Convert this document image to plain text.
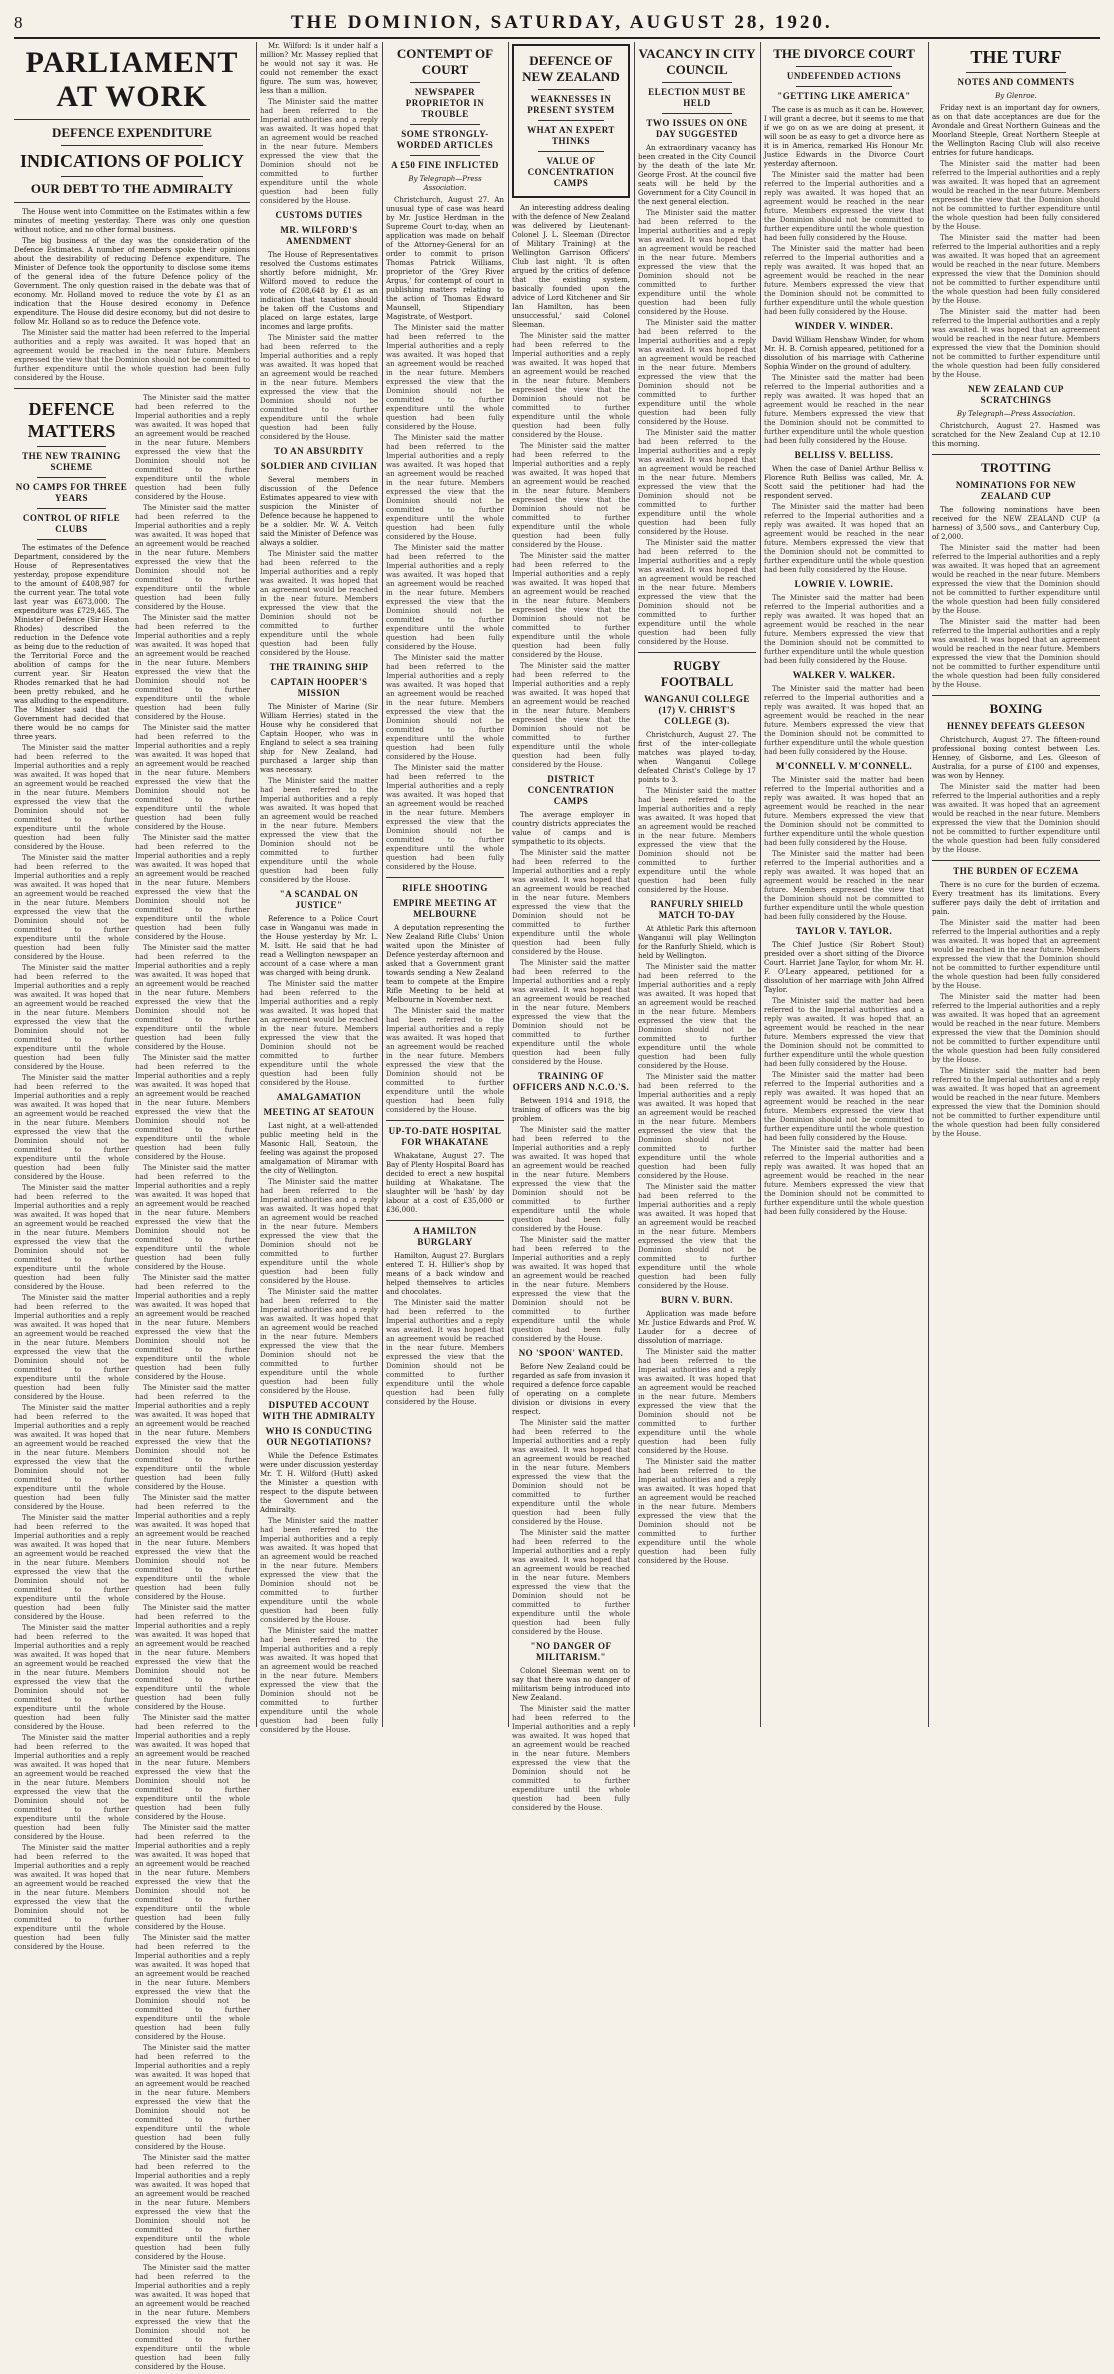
8	THE DOMINION, SATURDAY, AUGUST 28, 1920.
PARLIAMENT AT WORK
DEFENCE EXPENDITURE
INDICATIONS OF POLICY
OUR DEBT TO THE ADMIRALTY

The House went into Committee on the Estimates within a few minutes of meeting yesterday. There was only one question without notice, and no other formal business.

The big business of the day was the consideration of the Defence Estimates. A number of members spoke their opinions about the desirability of reducing Defence expenditure. The Minister of Defence took the opportunity to disclose some items of the general idea of the future Defence policy of the Government. The only question raised in the debate was that of economy. Mr. Holland moved to reduce the vote by £1 as an indication that the House desired economy in Defence expenditure. The House did desire economy, but did not desire to follow Mr. Holland so as to reduce the Defence vote.

The Minister said the matter had been referred to the Imperial authorities and a reply was awaited. It was hoped that an agreement would be reached in the near future. Members expressed the view that the Dominion should not be committed to further expenditure until the whole question had been fully considered by the House.

DEFENCE MATTERS
THE NEW TRAINING SCHEME
NO CAMPS FOR THREE YEARS
CONTROL OF RIFLE CLUBS

The estimates of the Defence Department, considered by the House of Representatives yesterday, propose expenditure to the amount of £408,987 for the current year. The total vote last year was £673,000. The expenditure was £729,465. The Minister of Defence (Sir Heaton Rhodes) described the reduction in the Defence vote as being due to the reduction of the Territorial Force and the abolition of camps for the current year. Sir Heaton Rhodes remarked that he had been pretty rebuked, and he was alluding to the expenditure. The Minister said that the Government had decided that there would be no camps for three years.

The Minister said the matter had been referred to the Imperial authorities and a reply was awaited. It was hoped that an agreement would be reached in the near future. Members expressed the view that the Dominion should not be committed to further expenditure until the whole question had been fully considered by the House.

The Minister said the matter had been referred to the Imperial authorities and a reply was awaited. It was hoped that an agreement would be reached in the near future. Members expressed the view that the Dominion should not be committed to further expenditure until the whole question had been fully considered by the House.

The Minister said the matter had been referred to the Imperial authorities and a reply was awaited. It was hoped that an agreement would be reached in the near future. Members expressed the view that the Dominion should not be committed to further expenditure until the whole question had been fully considered by the House.

The Minister said the matter had been referred to the Imperial authorities and a reply was awaited. It was hoped that an agreement would be reached in the near future. Members expressed the view that the Dominion should not be committed to further expenditure until the whole question had been fully considered by the House.

The Minister said the matter had been referred to the Imperial authorities and a reply was awaited. It was hoped that an agreement would be reached in the near future. Members expressed the view that the Dominion should not be committed to further expenditure until the whole question had been fully considered by the House.

The Minister said the matter had been referred to the Imperial authorities and a reply was awaited. It was hoped that an agreement would be reached in the near future. Members expressed the view that the Dominion should not be committed to further expenditure until the whole question had been fully considered by the House.

The Minister said the matter had been referred to the Imperial authorities and a reply was awaited. It was hoped that an agreement would be reached in the near future. Members expressed the view that the Dominion should not be committed to further expenditure until the whole question had been fully considered by the House.

The Minister said the matter had been referred to the Imperial authorities and a reply was awaited. It was hoped that an agreement would be reached in the near future. Members expressed the view that the Dominion should not be committed to further expenditure until the whole question had been fully considered by the House.

The Minister said the matter had been referred to the Imperial authorities and a reply was awaited. It was hoped that an agreement would be reached in the near future. Members expressed the view that the Dominion should not be committed to further expenditure until the whole question had been fully considered by the House.

The Minister said the matter had been referred to the Imperial authorities and a reply was awaited. It was hoped that an agreement would be reached in the near future. Members expressed the view that the Dominion should not be committed to further expenditure until the whole question had been fully considered by the House.

The Minister said the matter had been referred to the Imperial authorities and a reply was awaited. It was hoped that an agreement would be reached in the near future. Members expressed the view that the Dominion should not be committed to further expenditure until the whole question had been fully considered by the House.

The Minister said the matter had been referred to the Imperial authorities and a reply was awaited. It was hoped that an agreement would be reached in the near future. Members expressed the view that the Dominion should not be committed to further expenditure until the whole question had been fully considered by the House.

The Minister said the matter had been referred to the Imperial authorities and a reply was awaited. It was hoped that an agreement would be reached in the near future. Members expressed the view that the Dominion should not be committed to further expenditure until the whole question had been fully considered by the House.

The Minister said the matter had been referred to the Imperial authorities and a reply was awaited. It was hoped that an agreement would be reached in the near future. Members expressed the view that the Dominion should not be committed to further expenditure until the whole question had been fully considered by the House.

The Minister said the matter had been referred to the Imperial authorities and a reply was awaited. It was hoped that an agreement would be reached in the near future. Members expressed the view that the Dominion should not be committed to further expenditure until the whole question had been fully considered by the House.

The Minister said the matter had been referred to the Imperial authorities and a reply was awaited. It was hoped that an agreement would be reached in the near future. Members expressed the view that the Dominion should not be committed to further expenditure until the whole question had been fully considered by the House.

The Minister said the matter had been referred to the Imperial authorities and a reply was awaited. It was hoped that an agreement would be reached in the near future. Members expressed the view that the Dominion should not be committed to further expenditure until the whole question had been fully considered by the House.

The Minister said the matter had been referred to the Imperial authorities and a reply was awaited. It was hoped that an agreement would be reached in the near future. Members expressed the view that the Dominion should not be committed to further expenditure until the whole question had been fully considered by the House.

The Minister said the matter had been referred to the Imperial authorities and a reply was awaited. It was hoped that an agreement would be reached in the near future. Members expressed the view that the Dominion should not be committed to further expenditure until the whole question had been fully considered by the House.

The Minister said the matter had been referred to the Imperial authorities and a reply was awaited. It was hoped that an agreement would be reached in the near future. Members expressed the view that the Dominion should not be committed to further expenditure until the whole question had been fully considered by the House.

The Minister said the matter had been referred to the Imperial authorities and a reply was awaited. It was hoped that an agreement would be reached in the near future. Members expressed the view that the Dominion should not be committed to further expenditure until the whole question had been fully considered by the House.

The Minister said the matter had been referred to the Imperial authorities and a reply was awaited. It was hoped that an agreement would be reached in the near future. Members expressed the view that the Dominion should not be committed to further expenditure until the whole question had been fully considered by the House.

The Minister said the matter had been referred to the Imperial authorities and a reply was awaited. It was hoped that an agreement would be reached in the near future. Members expressed the view that the Dominion should not be committed to further expenditure until the whole question had been fully considered by the House.

The Minister said the matter had been referred to the Imperial authorities and a reply was awaited. It was hoped that an agreement would be reached in the near future. Members expressed the view that the Dominion should not be committed to further expenditure until the whole question had been fully considered by the House.

The Minister said the matter had been referred to the Imperial authorities and a reply was awaited. It was hoped that an agreement would be reached in the near future. Members expressed the view that the Dominion should not be committed to further expenditure until the whole question had been fully considered by the House.

The Minister said the matter had been referred to the Imperial authorities and a reply was awaited. It was hoped that an agreement would be reached in the near future. Members expressed the view that the Dominion should not be committed to further expenditure until the whole question had been fully considered by the House.

The Minister said the matter had been referred to the Imperial authorities and a reply was awaited. It was hoped that an agreement would be reached in the near future. Members expressed the view that the Dominion should not be committed to further expenditure until the whole question had been fully considered by the House.

The Minister said the matter had been referred to the Imperial authorities and a reply was awaited. It was hoped that an agreement would be reached in the near future. Members expressed the view that the Dominion should not be committed to further expenditure until the whole question had been fully considered by the House.

The Minister said the matter had been referred to the Imperial authorities and a reply was awaited. It was hoped that an agreement would be reached in the near future. Members expressed the view that the Dominion should not be committed to further expenditure until the whole question had been fully considered by the House.

Mr. Wilford: Is it under half a million? Mr. Massey replied that he would not say it was. He could not remember the exact figure. The sum was, however, less than a million.

The Minister said the matter had been referred to the Imperial authorities and a reply was awaited. It was hoped that an agreement would be reached in the near future. Members expressed the view that the Dominion should not be committed to further expenditure until the whole question had been fully considered by the House.

CUSTOMS DUTIES
MR. WILFORD'S AMENDMENT

The House of Representatives resolved the Customs estimates shortly before midnight, Mr. Wilford moved to reduce the vote of £208,648 by £1 as an indication that taxation should be taken off the Customs and placed on large estates, large incomes and large profits.

The Minister said the matter had been referred to the Imperial authorities and a reply was awaited. It was hoped that an agreement would be reached in the near future. Members expressed the view that the Dominion should not be committed to further expenditure until the whole question had been fully considered by the House.

TO AN ABSURDITY
SOLDIER AND CIVILIAN

Several members in discussion of the Defence Estimates appeared to view with suspicion the Minister of Defence because he happened to be a soldier. Mr. W. A. Veitch said the Minister of Defence was always a soldier.

The Minister said the matter had been referred to the Imperial authorities and a reply was awaited. It was hoped that an agreement would be reached in the near future. Members expressed the view that the Dominion should not be committed to further expenditure until the whole question had been fully considered by the House.

THE TRAINING SHIP
CAPTAIN HOOPER'S MISSION

The Minister of Marine (Sir William Herries) stated in the House why he considered that Captain Hooper, who was in England to select a sea training ship for New Zealand, had purchased a larger ship than was necessary.

The Minister said the matter had been referred to the Imperial authorities and a reply was awaited. It was hoped that an agreement would be reached in the near future. Members expressed the view that the Dominion should not be committed to further expenditure until the whole question had been fully considered by the House.

"A SCANDAL ON JUSTICE"

Reference to a Police Court case in Wanganui was made in the House yesterday by Mr. L. M. Isitt. He said that he had read a Wellington newspaper an account of a case where a man was charged with being drunk.

The Minister said the matter had been referred to the Imperial authorities and a reply was awaited. It was hoped that an agreement would be reached in the near future. Members expressed the view that the Dominion should not be committed to further expenditure until the whole question had been fully considered by the House.

AMALGAMATION
MEETING AT SEATOUN

Last night, at a well-attended public meeting held in the Masonic Hall, Seatoun, the feeling was against the proposed amalgamation of Miramar with the city of Wellington.

The Minister said the matter had been referred to the Imperial authorities and a reply was awaited. It was hoped that an agreement would be reached in the near future. Members expressed the view that the Dominion should not be committed to further expenditure until the whole question had been fully considered by the House.

The Minister said the matter had been referred to the Imperial authorities and a reply was awaited. It was hoped that an agreement would be reached in the near future. Members expressed the view that the Dominion should not be committed to further expenditure until the whole question had been fully considered by the House.

DISPUTED ACCOUNT WITH THE ADMIRALTY
WHO IS CONDUCTING OUR NEGOTIATIONS?

While the Defence Estimates were under discussion yesterday Mr. T. H. Wilford (Hutt) asked the Minister a question with respect to the dispute between the Government and the Admiralty.

The Minister said the matter had been referred to the Imperial authorities and a reply was awaited. It was hoped that an agreement would be reached in the near future. Members expressed the view that the Dominion should not be committed to further expenditure until the whole question had been fully considered by the House.

The Minister said the matter had been referred to the Imperial authorities and a reply was awaited. It was hoped that an agreement would be reached in the near future. Members expressed the view that the Dominion should not be committed to further expenditure until the whole question had been fully considered by the House.

CONTEMPT OF COURT
NEWSPAPER PROPRIETOR IN TROUBLE
SOME STRONGLY-WORDED ARTICLES
A £50 FINE INFLICTED
By Telegraph—Press Association.

Christchurch, August 27. An unusual type of case was heard by Mr. Justice Herdman in the Supreme Court to-day, when an application was made on behalf of the Attorney-General for an order to commit to prison Thomas Patrick Williams, proprietor of the 'Grey River Argus,' for contempt of court in publishing matters relating to the action of Thomas Edward Maunsell, Stipendiary Magistrate, of Westport.

The Minister said the matter had been referred to the Imperial authorities and a reply was awaited. It was hoped that an agreement would be reached in the near future. Members expressed the view that the Dominion should not be committed to further expenditure until the whole question had been fully considered by the House.

The Minister said the matter had been referred to the Imperial authorities and a reply was awaited. It was hoped that an agreement would be reached in the near future. Members expressed the view that the Dominion should not be committed to further expenditure until the whole question had been fully considered by the House.

The Minister said the matter had been referred to the Imperial authorities and a reply was awaited. It was hoped that an agreement would be reached in the near future. Members expressed the view that the Dominion should not be committed to further expenditure until the whole question had been fully considered by the House.

The Minister said the matter had been referred to the Imperial authorities and a reply was awaited. It was hoped that an agreement would be reached in the near future. Members expressed the view that the Dominion should not be committed to further expenditure until the whole question had been fully considered by the House.

The Minister said the matter had been referred to the Imperial authorities and a reply was awaited. It was hoped that an agreement would be reached in the near future. Members expressed the view that the Dominion should not be committed to further expenditure until the whole question had been fully considered by the House.

RIFLE SHOOTING
EMPIRE MEETING AT MELBOURNE

A deputation representing the New Zealand Rifle Clubs' Union waited upon the Minister of Defence yesterday afternoon and asked that a Government grant towards sending a New Zealand team to compete at the Empire Rifle Meeting to be held at Melbourne in November next.

The Minister said the matter had been referred to the Imperial authorities and a reply was awaited. It was hoped that an agreement would be reached in the near future. Members expressed the view that the Dominion should not be committed to further expenditure until the whole question had been fully considered by the House.

UP-TO-DATE HOSPITAL FOR WHAKATANE

Whakatane, August 27. The Bay of Plenty Hospital Board has decided to erect a new hospital building at Whakatane. The slaughter will be 'hash' by day labour at a cost of £35,000 or £36,000.

A HAMILTON BURGLARY

Hamilton, August 27. Burglars entered T. H. Hillier's shop by means of a back window and helped themselves to articles and chocolates.

The Minister said the matter had been referred to the Imperial authorities and a reply was awaited. It was hoped that an agreement would be reached in the near future. Members expressed the view that the Dominion should not be committed to further expenditure until the whole question had been fully considered by the House.

DEFENCE OF NEW ZEALAND
WEAKNESSES IN PRESENT SYSTEM
WHAT AN EXPERT THINKS
VALUE OF CONCENTRATION CAMPS

An interesting address dealing with the defence of New Zealand was delivered by Lieutenant-Colonel J. L. Sleeman (Director of Military Training) at the Wellington Garrison Officers' Club last night. 'It is often argued by the critics of defence that the existing system, basically founded upon the advice of Lord Kitchener and Sir Ian Hamilton, has been unsuccessful,' said Colonel Sleeman.

The Minister said the matter had been referred to the Imperial authorities and a reply was awaited. It was hoped that an agreement would be reached in the near future. Members expressed the view that the Dominion should not be committed to further expenditure until the whole question had been fully considered by the House.

The Minister said the matter had been referred to the Imperial authorities and a reply was awaited. It was hoped that an agreement would be reached in the near future. Members expressed the view that the Dominion should not be committed to further expenditure until the whole question had been fully considered by the House.

The Minister said the matter had been referred to the Imperial authorities and a reply was awaited. It was hoped that an agreement would be reached in the near future. Members expressed the view that the Dominion should not be committed to further expenditure until the whole question had been fully considered by the House.

The Minister said the matter had been referred to the Imperial authorities and a reply was awaited. It was hoped that an agreement would be reached in the near future. Members expressed the view that the Dominion should not be committed to further expenditure until the whole question had been fully considered by the House.

DISTRICT CONCENTRATION CAMPS

The average employer in country districts appreciates the value of camps and is sympathetic to its objects.

The Minister said the matter had been referred to the Imperial authorities and a reply was awaited. It was hoped that an agreement would be reached in the near future. Members expressed the view that the Dominion should not be committed to further expenditure until the whole question had been fully considered by the House.

The Minister said the matter had been referred to the Imperial authorities and a reply was awaited. It was hoped that an agreement would be reached in the near future. Members expressed the view that the Dominion should not be committed to further expenditure until the whole question had been fully considered by the House.

TRAINING OF OFFICERS AND N.C.O.'S.

Between 1914 and 1918, the training of officers was the big problem.

The Minister said the matter had been referred to the Imperial authorities and a reply was awaited. It was hoped that an agreement would be reached in the near future. Members expressed the view that the Dominion should not be committed to further expenditure until the whole question had been fully considered by the House.

The Minister said the matter had been referred to the Imperial authorities and a reply was awaited. It was hoped that an agreement would be reached in the near future. Members expressed the view that the Dominion should not be committed to further expenditure until the whole question had been fully considered by the House.

NO 'SPOON' WANTED.

Before New Zealand could be regarded as safe from invasion it required a defence force capable of operating on a complete division or divisions in every respect.

The Minister said the matter had been referred to the Imperial authorities and a reply was awaited. It was hoped that an agreement would be reached in the near future. Members expressed the view that the Dominion should not be committed to further expenditure until the whole question had been fully considered by the House.

The Minister said the matter had been referred to the Imperial authorities and a reply was awaited. It was hoped that an agreement would be reached in the near future. Members expressed the view that the Dominion should not be committed to further expenditure until the whole question had been fully considered by the House.

"NO DANGER OF MILITARISM."

Colonel Sleeman went on to say that there was no danger of militarism being introduced into New Zealand.

The Minister said the matter had been referred to the Imperial authorities and a reply was awaited. It was hoped that an agreement would be reached in the near future. Members expressed the view that the Dominion should not be committed to further expenditure until the whole question had been fully considered by the House.

VACANCY IN CITY COUNCIL
ELECTION MUST BE HELD
TWO ISSUES ON ONE DAY SUGGESTED

An extraordinary vacancy has been created in the City Council by the death of the late Mr. George Frost. At the council five seats will be held by the Government for a City Council in the next general election.

The Minister said the matter had been referred to the Imperial authorities and a reply was awaited. It was hoped that an agreement would be reached in the near future. Members expressed the view that the Dominion should not be committed to further expenditure until the whole question had been fully considered by the House.

The Minister said the matter had been referred to the Imperial authorities and a reply was awaited. It was hoped that an agreement would be reached in the near future. Members expressed the view that the Dominion should not be committed to further expenditure until the whole question had been fully considered by the House.

The Minister said the matter had been referred to the Imperial authorities and a reply was awaited. It was hoped that an agreement would be reached in the near future. Members expressed the view that the Dominion should not be committed to further expenditure until the whole question had been fully considered by the House.

The Minister said the matter had been referred to the Imperial authorities and a reply was awaited. It was hoped that an agreement would be reached in the near future. Members expressed the view that the Dominion should not be committed to further expenditure until the whole question had been fully considered by the House.

RUGBY FOOTBALL
WANGANUI COLLEGE (17) V. CHRIST'S COLLEGE (3).

Christchurch, August 27. The first of the inter-collegiate matches was played to-day, when Wanganui College defeated Christ's College by 17 points to 3.

The Minister said the matter had been referred to the Imperial authorities and a reply was awaited. It was hoped that an agreement would be reached in the near future. Members expressed the view that the Dominion should not be committed to further expenditure until the whole question had been fully considered by the House.

RANFURLY SHIELD MATCH TO-DAY

At Athletic Park this afternoon Wanganui will play Wellington for the Ranfurly Shield, which is held by Wellington.

The Minister said the matter had been referred to the Imperial authorities and a reply was awaited. It was hoped that an agreement would be reached in the near future. Members expressed the view that the Dominion should not be committed to further expenditure until the whole question had been fully considered by the House.

The Minister said the matter had been referred to the Imperial authorities and a reply was awaited. It was hoped that an agreement would be reached in the near future. Members expressed the view that the Dominion should not be committed to further expenditure until the whole question had been fully considered by the House.

The Minister said the matter had been referred to the Imperial authorities and a reply was awaited. It was hoped that an agreement would be reached in the near future. Members expressed the view that the Dominion should not be committed to further expenditure until the whole question had been fully considered by the House.

BURN V. BURN.

Application was made before Mr. Justice Edwards and Prof. W. Lauder for a decree of dissolution of marriage.

The Minister said the matter had been referred to the Imperial authorities and a reply was awaited. It was hoped that an agreement would be reached in the near future. Members expressed the view that the Dominion should not be committed to further expenditure until the whole question had been fully considered by the House.

The Minister said the matter had been referred to the Imperial authorities and a reply was awaited. It was hoped that an agreement would be reached in the near future. Members expressed the view that the Dominion should not be committed to further expenditure until the whole question had been fully considered by the House.

THE DIVORCE COURT
UNDEFENDED ACTIONS
"GETTING LIKE AMERICA"

The case is as much as it can be. However, I will grant a decree, but it seems to me that if we go on as we are doing at present, it will soon be as easy to get a divorce here as it is in America, remarked His Honour Mr. Justice Edwards in the Divorce Court yesterday afternoon.

The Minister said the matter had been referred to the Imperial authorities and a reply was awaited. It was hoped that an agreement would be reached in the near future. Members expressed the view that the Dominion should not be committed to further expenditure until the whole question had been fully considered by the House.

The Minister said the matter had been referred to the Imperial authorities and a reply was awaited. It was hoped that an agreement would be reached in the near future. Members expressed the view that the Dominion should not be committed to further expenditure until the whole question had been fully considered by the House.

WINDER V. WINDER.

David William Henshaw Winder, for whom Mr. H. B. Cornish appeared, petitioned for a dissolution of his marriage with Catherine Sophia Winder on the ground of adultery.

The Minister said the matter had been referred to the Imperial authorities and a reply was awaited. It was hoped that an agreement would be reached in the near future. Members expressed the view that the Dominion should not be committed to further expenditure until the whole question had been fully considered by the House.

BELLISS V. BELLISS.

When the case of Daniel Arthur Belliss v. Florence Ruth Belliss was called, Mr. A. Scott said the petitioner had had the respondent served.

The Minister said the matter had been referred to the Imperial authorities and a reply was awaited. It was hoped that an agreement would be reached in the near future. Members expressed the view that the Dominion should not be committed to further expenditure until the whole question had been fully considered by the House.

LOWRIE V. LOWRIE.

The Minister said the matter had been referred to the Imperial authorities and a reply was awaited. It was hoped that an agreement would be reached in the near future. Members expressed the view that the Dominion should not be committed to further expenditure until the whole question had been fully considered by the House.

WALKER V. WALKER.

The Minister said the matter had been referred to the Imperial authorities and a reply was awaited. It was hoped that an agreement would be reached in the near future. Members expressed the view that the Dominion should not be committed to further expenditure until the whole question had been fully considered by the House.

M'CONNELL V. M'CONNELL.

The Minister said the matter had been referred to the Imperial authorities and a reply was awaited. It was hoped that an agreement would be reached in the near future. Members expressed the view that the Dominion should not be committed to further expenditure until the whole question had been fully considered by the House.

The Minister said the matter had been referred to the Imperial authorities and a reply was awaited. It was hoped that an agreement would be reached in the near future. Members expressed the view that the Dominion should not be committed to further expenditure until the whole question had been fully considered by the House.

TAYLOR V. TAYLOR.

The Chief Justice (Sir Robert Stout) presided over a short sitting of the Divorce Court. Harriet Jane Taylor, for whom Mr. H. F. O'Leary appeared, petitioned for a dissolution of her marriage with John Alfred Taylor.

The Minister said the matter had been referred to the Imperial authorities and a reply was awaited. It was hoped that an agreement would be reached in the near future. Members expressed the view that the Dominion should not be committed to further expenditure until the whole question had been fully considered by the House.

The Minister said the matter had been referred to the Imperial authorities and a reply was awaited. It was hoped that an agreement would be reached in the near future. Members expressed the view that the Dominion should not be committed to further expenditure until the whole question had been fully considered by the House.

The Minister said the matter had been referred to the Imperial authorities and a reply was awaited. It was hoped that an agreement would be reached in the near future. Members expressed the view that the Dominion should not be committed to further expenditure until the whole question had been fully considered by the House.

THE TURF
NOTES AND COMMENTS
By Glenroe.

Friday next is an important day for owners, as on that date acceptances are due for the Avondale and Great Northern Guineas and the Moorland Steeple, Great Northern Steeple at the Wellington Racing Club will also receive entries for future handicaps.

The Minister said the matter had been referred to the Imperial authorities and a reply was awaited. It was hoped that an agreement would be reached in the near future. Members expressed the view that the Dominion should not be committed to further expenditure until the whole question had been fully considered by the House.

The Minister said the matter had been referred to the Imperial authorities and a reply was awaited. It was hoped that an agreement would be reached in the near future. Members expressed the view that the Dominion should not be committed to further expenditure until the whole question had been fully considered by the House.

The Minister said the matter had been referred to the Imperial authorities and a reply was awaited. It was hoped that an agreement would be reached in the near future. Members expressed the view that the Dominion should not be committed to further expenditure until the whole question had been fully considered by the House.

NEW ZEALAND CUP SCRATCHINGS
By Telegraph—Press Association.

Christchurch, August 27. Hasmed was scratched for the New Zealand Cup at 12.10 this morning.

TROTTING
NOMINATIONS FOR NEW ZEALAND CUP

The following nominations have been received for the NEW ZEALAND CUP (a harness) of 3,500 sovs., and Canterbury Cup, of 2,000.

The Minister said the matter had been referred to the Imperial authorities and a reply was awaited. It was hoped that an agreement would be reached in the near future. Members expressed the view that the Dominion should not be committed to further expenditure until the whole question had been fully considered by the House.

The Minister said the matter had been referred to the Imperial authorities and a reply was awaited. It was hoped that an agreement would be reached in the near future. Members expressed the view that the Dominion should not be committed to further expenditure until the whole question had been fully considered by the House.

BOXING
HENNEY DEFEATS GLEESON

Christchurch, August 27. The fifteen-round professional boxing contest between Les. Henney, of Gisborne, and Les. Gleeson of Australia, for a purse of £100 and expenses, was won by Henney.

The Minister said the matter had been referred to the Imperial authorities and a reply was awaited. It was hoped that an agreement would be reached in the near future. Members expressed the view that the Dominion should not be committed to further expenditure until the whole question had been fully considered by the House.

THE BURDEN OF ECZEMA

There is no cure for the burden of eczema. Every treatment has its limitations. Every sufferer pays daily the debt of irritation and pain.

The Minister said the matter had been referred to the Imperial authorities and a reply was awaited. It was hoped that an agreement would be reached in the near future. Members expressed the view that the Dominion should not be committed to further expenditure until the whole question had been fully considered by the House.

The Minister said the matter had been referred to the Imperial authorities and a reply was awaited. It was hoped that an agreement would be reached in the near future. Members expressed the view that the Dominion should not be committed to further expenditure until the whole question had been fully considered by the House.

The Minister said the matter had been referred to the Imperial authorities and a reply was awaited. It was hoped that an agreement would be reached in the near future. Members expressed the view that the Dominion should not be committed to further expenditure until the whole question had been fully considered by the House.
